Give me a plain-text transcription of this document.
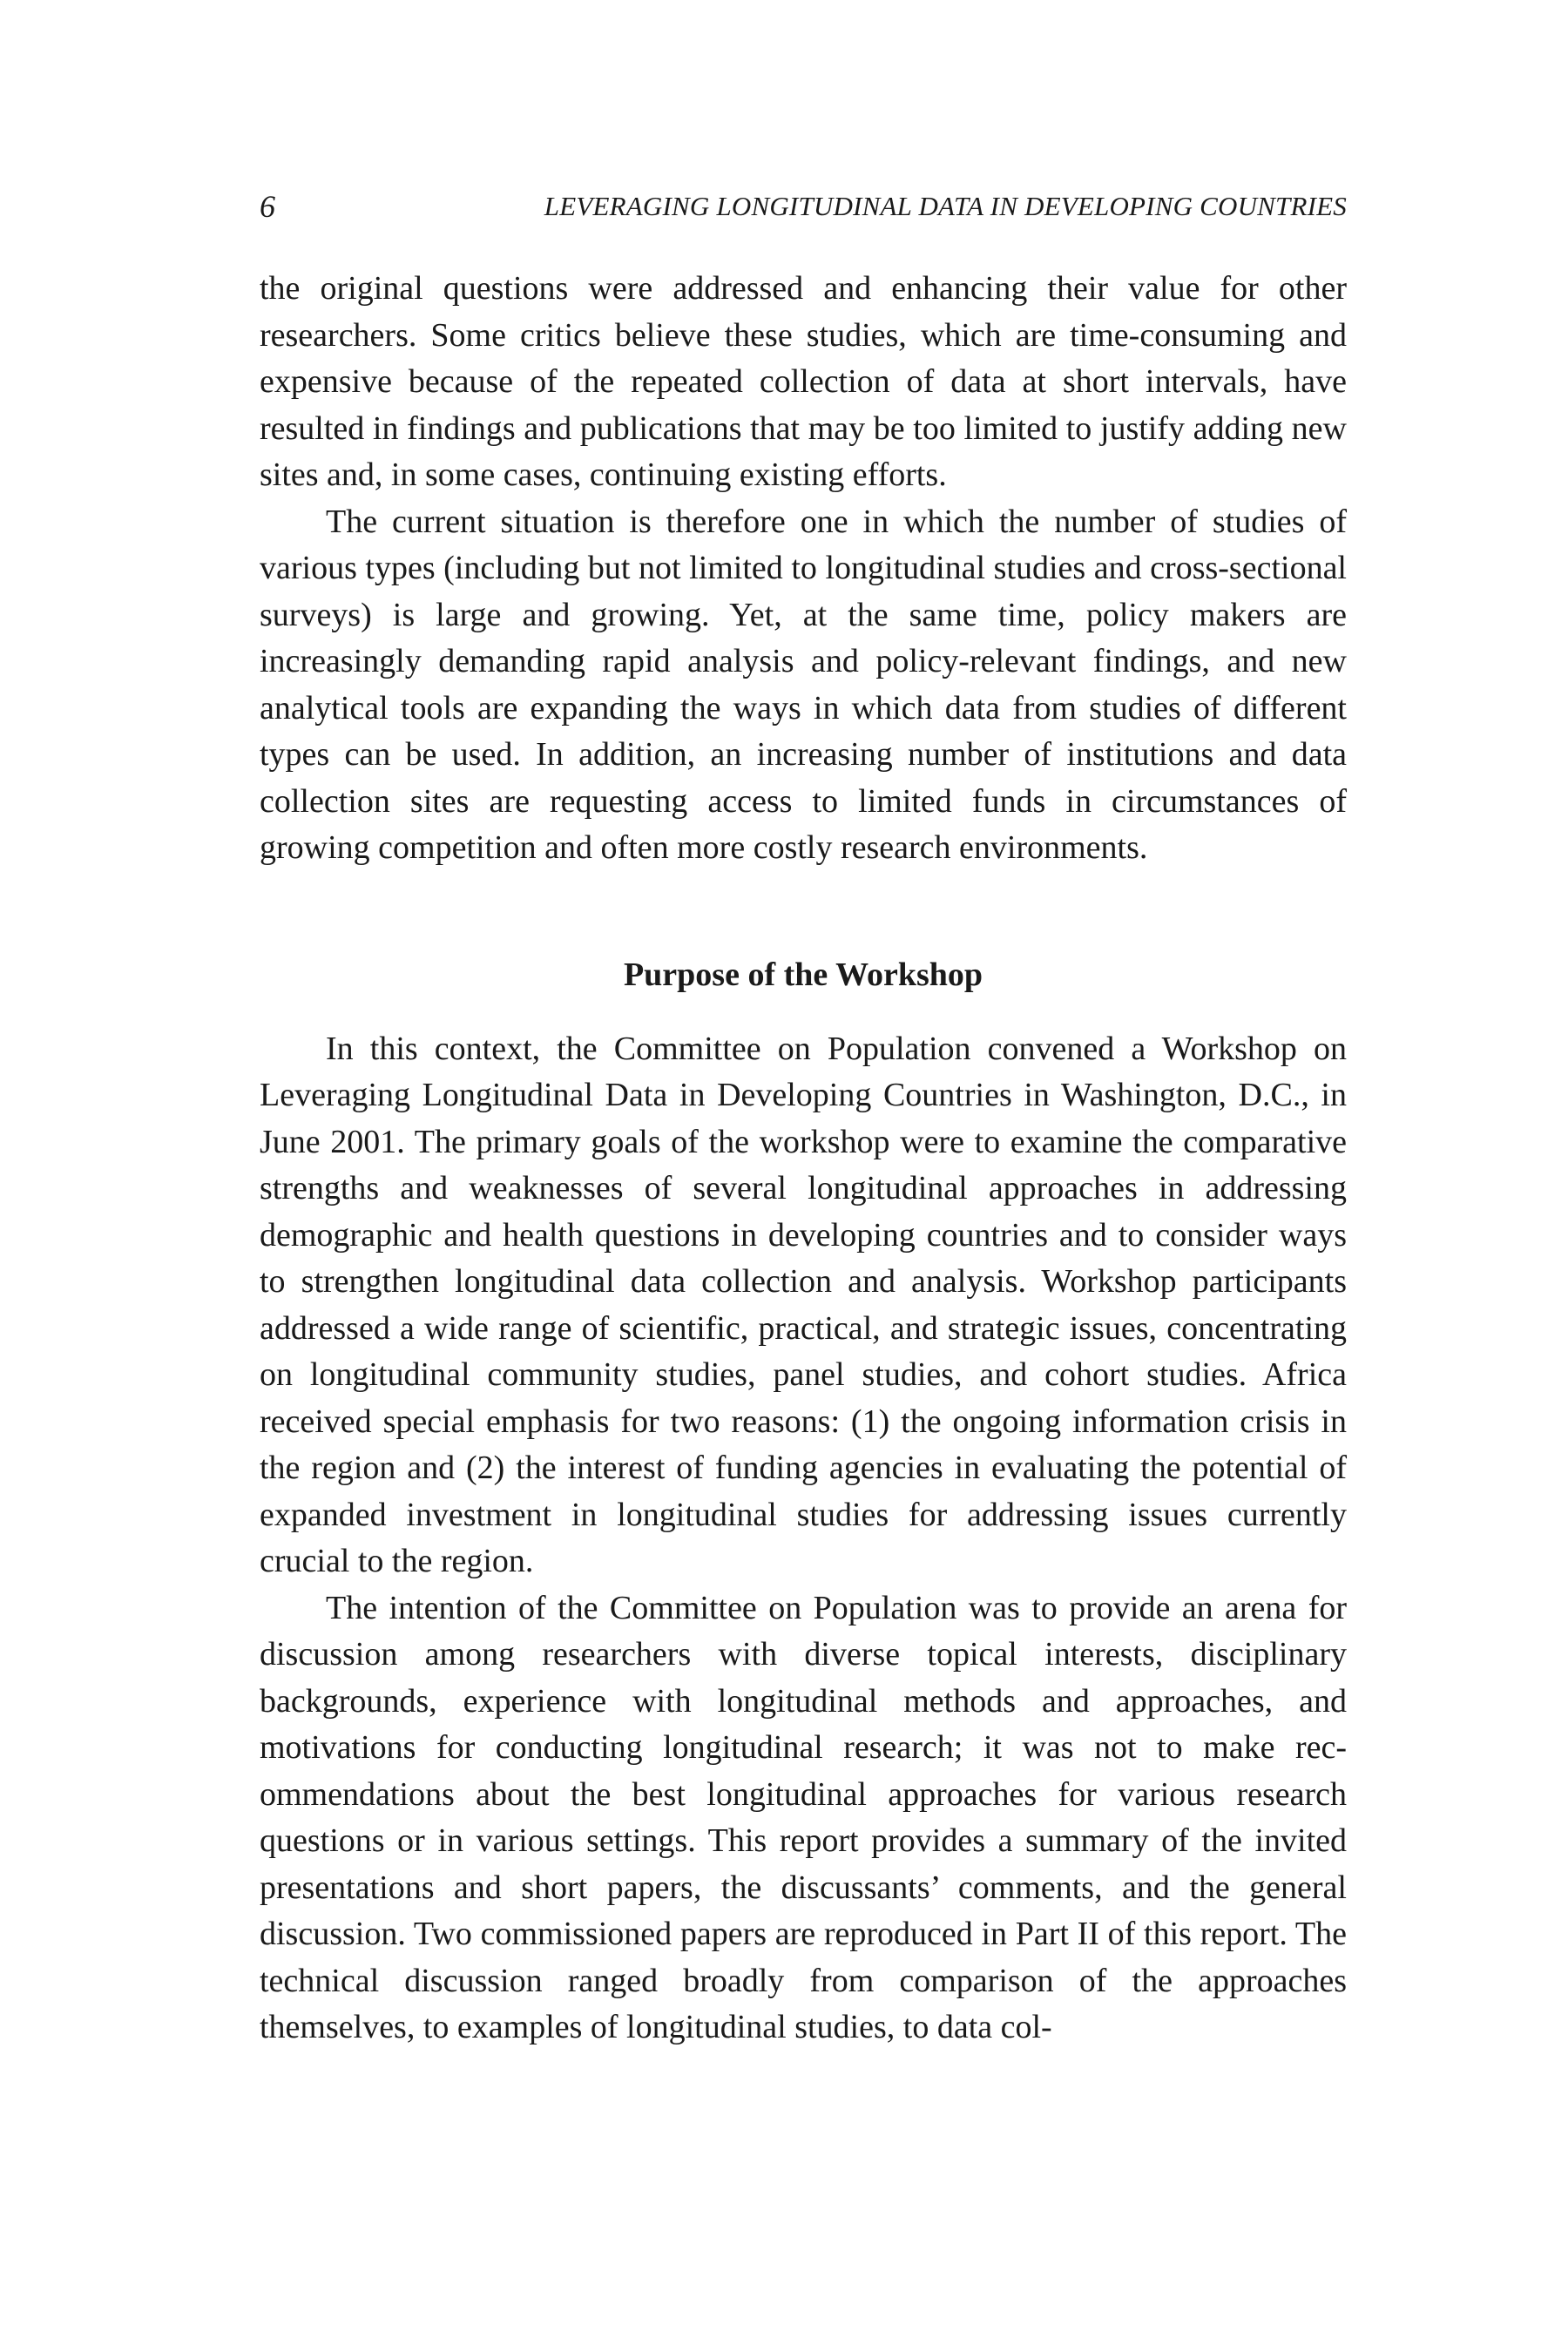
6	LEVERAGING LONGITUDINAL DATA IN DEVELOPING COUNTRIES

the original questions were addressed and enhancing their value for other researchers. Some critics believe these studies, which are time-consuming and expensive because of the repeated collection of data at short intervals, have resulted in findings and publications that may be too limited to justify adding new sites and, in some cases, continuing existing efforts.

The current situation is therefore one in which the number of studies of various types (including but not limited to longitudinal studies and cross-sectional surveys) is large and growing. Yet, at the same time, policy makers are increasingly demanding rapid analysis and policy-relevant findings, and new analytical tools are expanding the ways in which data from studies of different types can be used. In addition, an increasing number of institutions and data collection sites are requesting access to limited funds in circumstances of growing competition and often more costly research environments.

Purpose of the Workshop

In this context, the Committee on Population convened a Workshop on Leveraging Longitudinal Data in Developing Countries in Washington, D.C., in June 2001. The primary goals of the workshop were to examine the comparative strengths and weaknesses of several longitudinal approaches in addressing demographic and health questions in developing countries and to consider ways to strengthen longitudinal data collection and analysis. Workshop participants addressed a wide range of scientific, practical, and strategic issues, concentrating on longitudinal community studies, panel studies, and cohort studies. Africa received special emphasis for two reasons: (1) the ongoing information crisis in the region and (2) the interest of funding agencies in evaluating the potential of expanded investment in longitudinal studies for addressing issues currently crucial to the region.

The intention of the Committee on Population was to provide an arena for discussion among researchers with diverse topical interests, disciplinary backgrounds, experience with longitudinal methods and approaches, and motivations for conducting longitudinal research; it was not to make recommendations about the best longitudinal approaches for various research questions or in various settings. This report provides a summary of the invited presentations and short papers, the discussants’ comments, and the general discussion. Two commissioned papers are reproduced in Part II of this report. The technical discussion ranged broadly from comparison of the approaches themselves, to examples of longitudinal studies, to data col-
